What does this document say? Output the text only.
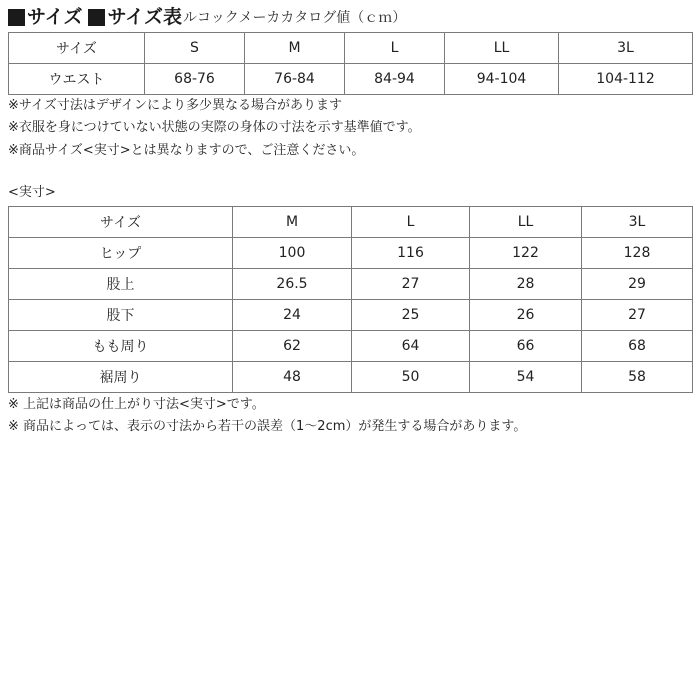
サイズ サイズ表 ルコックメーカカタログ値（ｃｍ）
サイズ	S	M	L	LL	3L
ウエスト	68-76	76-84	84-94	94-104	104-112
※サイズ寸法はデザインにより多少異なる場合があります
※衣服を身につけていない状態の実際の身体の寸法を示す基準値です。
※商品サイズ<実寸>とは異なりますので、ご注意ください。
<実寸>
サイズ	M	L	LL	3L
ヒップ	100	116	122	128
股上	26.5	27	28	29
股下	24	25	26	27
もも周り	62	64	66	68
裾周り	48	50	54	58
※ 上記は商品の仕上がり寸法<実寸>です。
※ 商品によっては、表示の寸法から若干の誤差（1〜2cm）が発生する場合があります。
